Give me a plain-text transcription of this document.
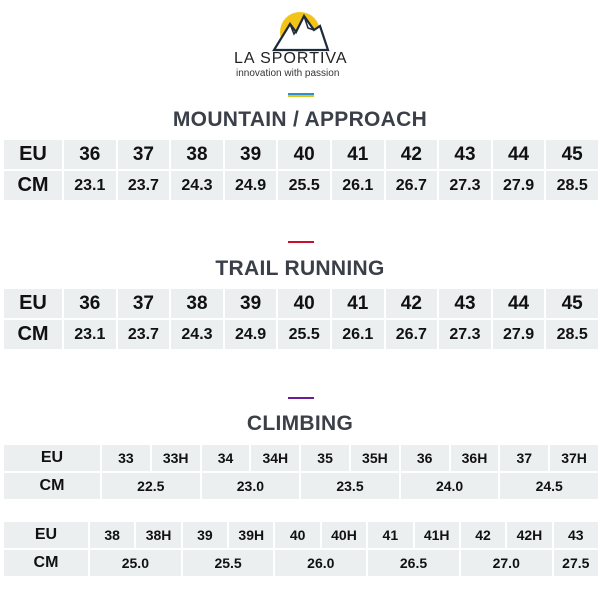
LA SPORTIVA
innovation with passion
MOUNTAIN / APPROACH
EU	36	37	38	39	40	41	42	43	44	45
CM	23.1	23.7	24.3	24.9	25.5	26.1	26.7	27.3	27.9	28.5
TRAIL RUNNING
EU	36	37	38	39	40	41	42	43	44	45
CM	23.1	23.7	24.3	24.9	25.5	26.1	26.7	27.3	27.9	28.5
CLIMBING
EU	33	33H	34	34H	35	35H	36	36H	37	37H
CM	22.5		23.0		23.5		24.0		24.5	
EU	38	38H	39	39H	40	40H	41	41H	42	42H	43
CM	25.0		25.5		26.0		26.5		27.0		27.5
